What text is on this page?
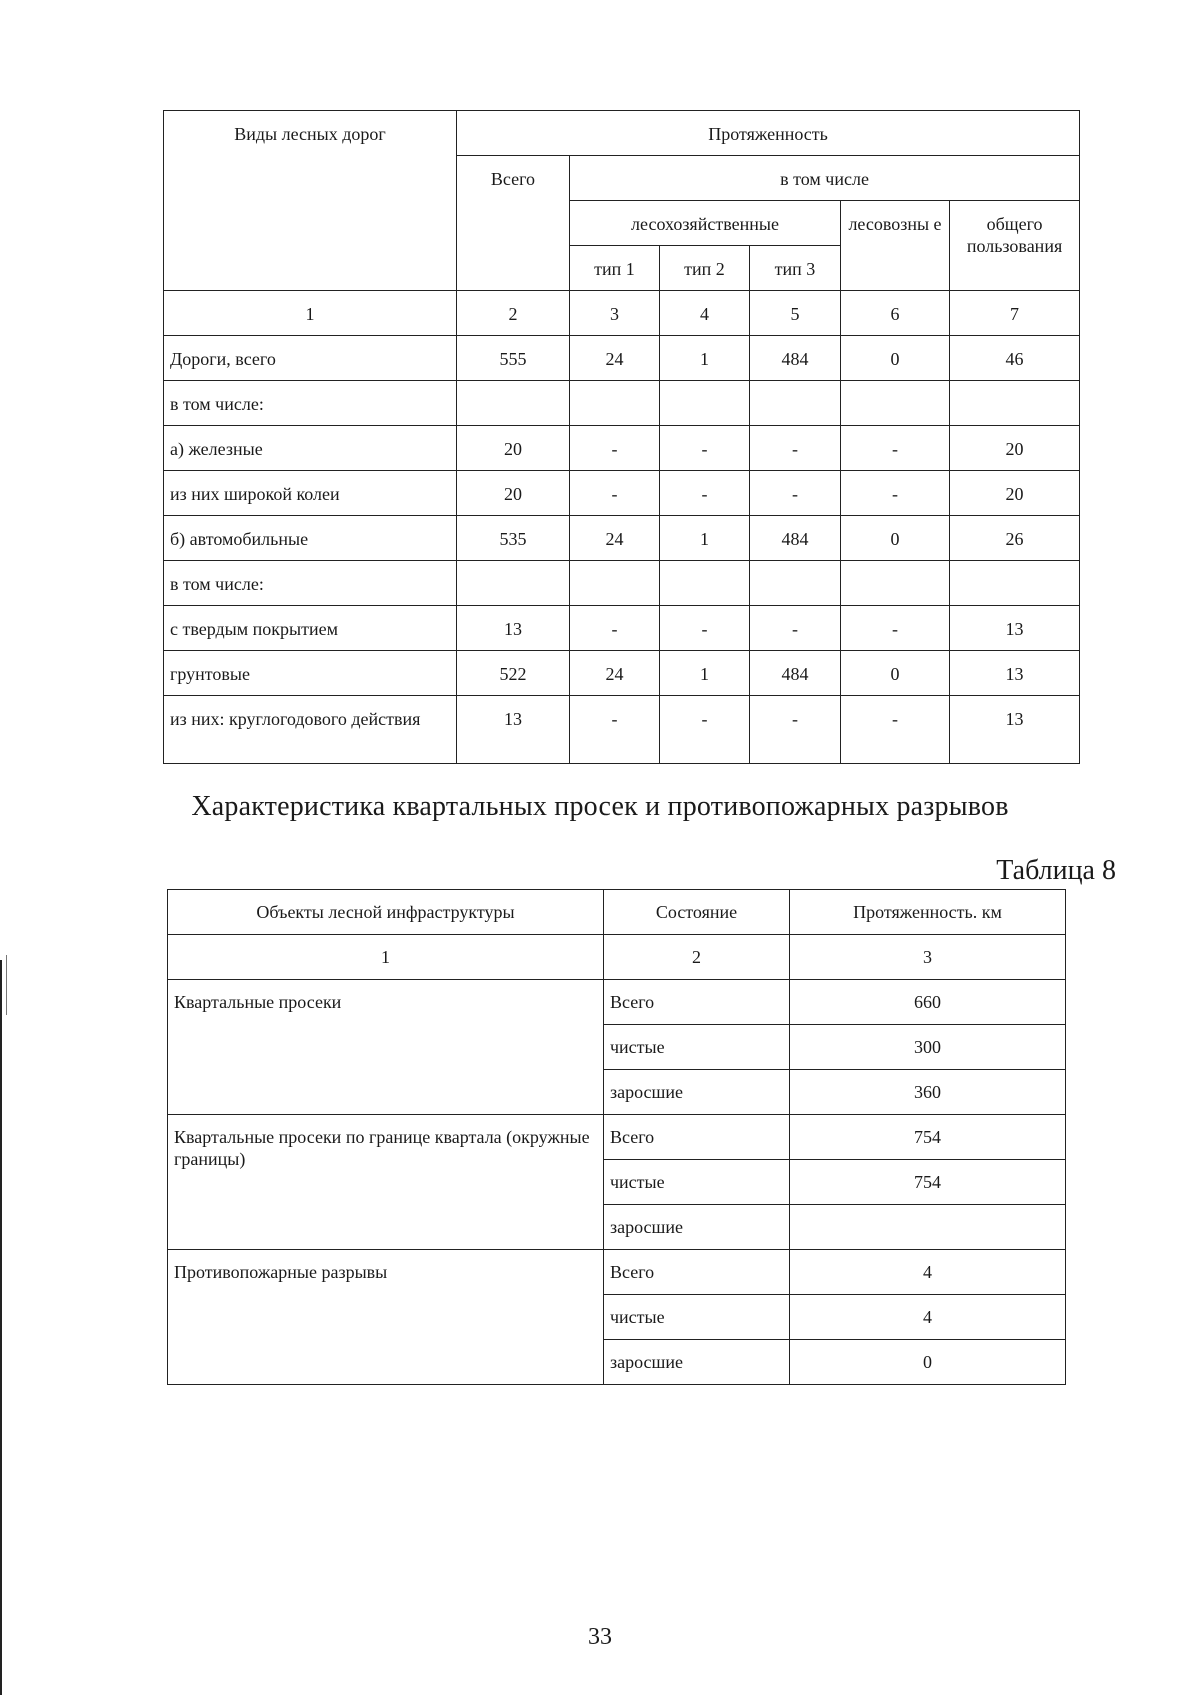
Виды лесных дорог	Протяженность					
	Всего	в том числе				
		лесохозяйственные			лесовозны е	общего пользования
		тип 1	тип 2	тип 3		
1	2	3	4	5	6	7
Дороги, всего	555	24	1	484	0	46
в том числе:						
а) железные	20	-	-	-	-	20
из них широкой колеи	20	-	-	-	-	20
б) автомобильные	535	24	1	484	0	26
в том числе:						
с твердым покрытием	13	-	-	-	-	13
грунтовые	522	24	1	484	0	13
из них: круглогодового действия	13	-	-	-	-	13
Характеристика квартальных просек и противопожарных разрывов
Таблица 8
Объекты лесной инфраструктуры	Состояние	Протяженность. км
1	2	3
Квартальные просеки	Всего	660
	чистые	300
	заросшие	360
Квартальные просеки по границе квартала (окружные границы)	Всего	754
	чистые	754
	заросшие	
Противопожарные разрывы	Всего	4
	чистые	4
	заросшие	0
33
